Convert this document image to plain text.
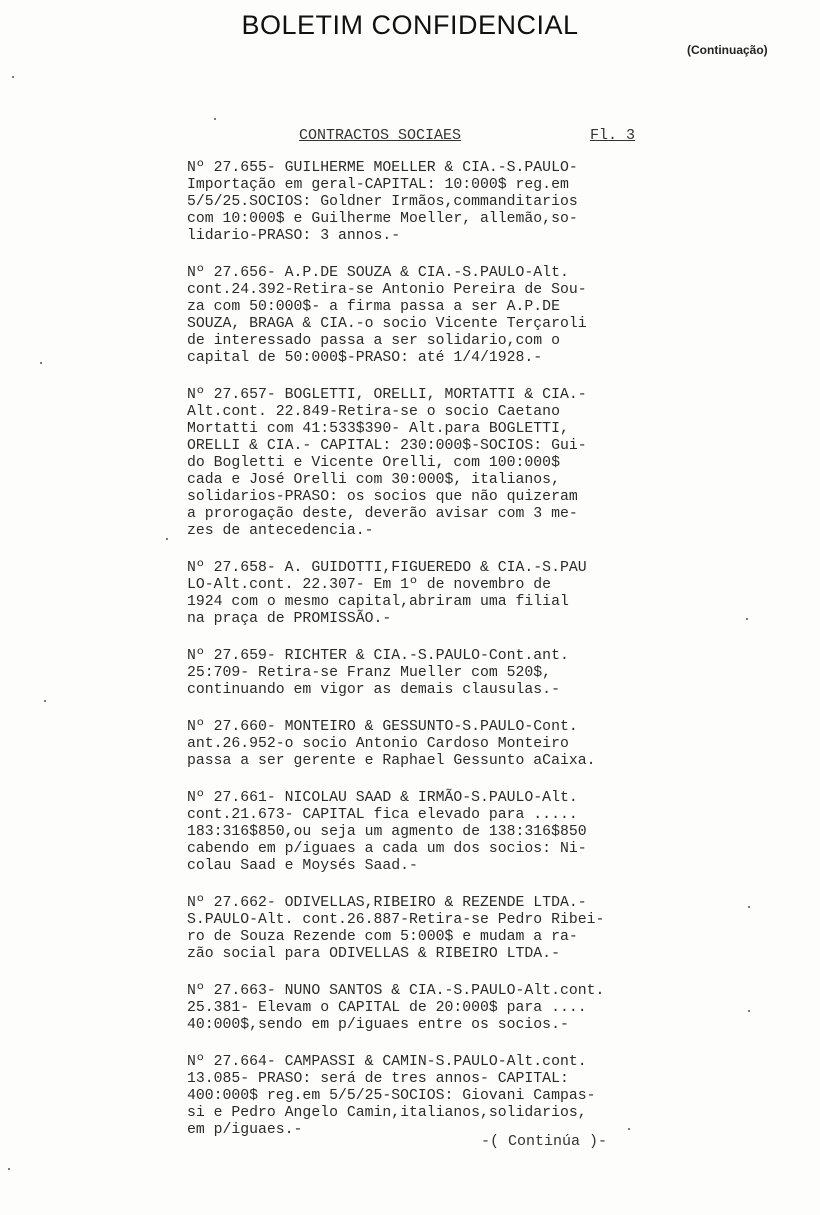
BOLETIM CONFIDENCIAL
(Continuação)
CONTRACTOS SOCIAES	Fl. 3
Nº 27.655- GUILHERME MOELLER & CIA.-S.PAULO-
Importação em geral-CAPITAL: 10:000$ reg.em
5/5/25.SOCIOS: Goldner Irmãos,commanditarios
com 10:000$ e Guilherme Moeller, allemão,so-
lidario-PRASO: 3 annos.-
Nº 27.656- A.P.DE SOUZA & CIA.-S.PAULO-Alt.
cont.24.392-Retira-se Antonio Pereira de Sou-
za com 50:000$- a firma passa a ser A.P.DE
SOUZA, BRAGA & CIA.-o socio Vicente Terçaroli
de interessado passa a ser solidario,com o
capital de 50:000$-PRASO: até 1/4/1928.-
Nº 27.657- BOGLETTI, ORELLI, MORTATTI & CIA.-
Alt.cont. 22.849-Retira-se o socio Caetano
Mortatti com 41:533$390- Alt.para BOGLETTI,
ORELLI & CIA.- CAPITAL: 230:000$-SOCIOS: Gui-
do Bogletti e Vicente Orelli, com 100:000$
cada e José Orelli com 30:000$, italianos,
solidarios-PRASO: os socios que não quizeram
a prorogação deste, deverão avisar com 3 me-
zes de antecedencia.-
Nº 27.658- A. GUIDOTTI,FIGUEREDO & CIA.-S.PAU
LO-Alt.cont. 22.307- Em 1º de novembro de
1924 com o mesmo capital,abriram uma filial
na praça de PROMISSÃO.-
Nº 27.659- RICHTER & CIA.-S.PAULO-Cont.ant.
25:709- Retira-se Franz Mueller com 520$,
continuando em vigor as demais clausulas.-
Nº 27.660- MONTEIRO & GESSUNTO-S.PAULO-Cont.
ant.26.952-o socio Antonio Cardoso Monteiro
passa a ser gerente e Raphael Gessunto aCaixa.
Nº 27.661- NICOLAU SAAD & IRMÃO-S.PAULO-Alt.
cont.21.673- CAPITAL fica elevado para .....
183:316$850,ou seja um agmento de 138:316$850
cabendo em p/iguaes a cada um dos socios: Ni-
colau Saad e Moysés Saad.-
Nº 27.662- ODIVELLAS,RIBEIRO & REZENDE LTDA.-
S.PAULO-Alt. cont.26.887-Retira-se Pedro Ribei-
ro de Souza Rezende com 5:000$ e mudam a ra-
zão social para ODIVELLAS & RIBEIRO LTDA.-
Nº 27.663- NUNO SANTOS & CIA.-S.PAULO-Alt.cont.
25.381- Elevam o CAPITAL de 20:000$ para ....
40:000$,sendo em p/iguaes entre os socios.-
Nº 27.664- CAMPASSI & CAMIN-S.PAULO-Alt.cont.
13.085- PRASO: será de tres annos- CAPITAL:
400:000$ reg.em 5/5/25-SOCIOS: Giovani Campas-
si e Pedro Angelo Camin,italianos,solidarios,
em p/iguaes.-
-( Continúa )-
